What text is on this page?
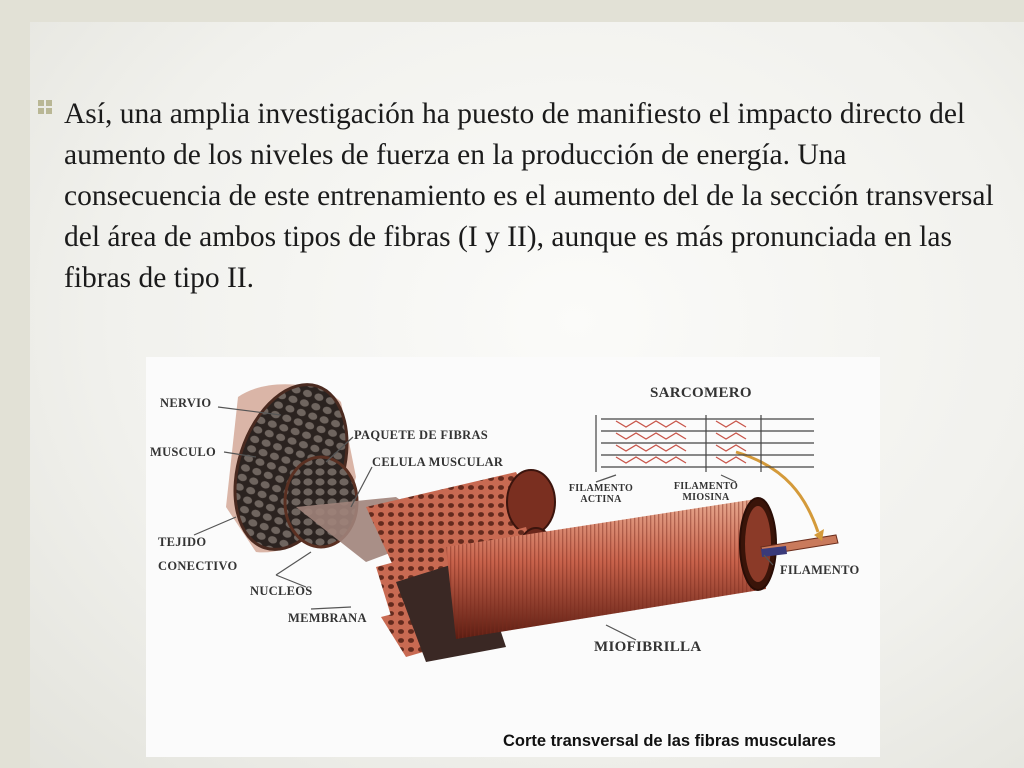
Así, una amplia investigación ha puesto de manifiesto el impacto directo del aumento de los niveles de fuerza en la producción de energía. Una consecuencia de este entrenamiento es el aumento del de la sección transversal del área de ambos tipos de fibras (I y II), aunque es más pronunciada en las fibras de tipo II.
NERVIO
MUSCULO
TEJIDO
CONECTIVO
NUCLEOS
MEMBRANA
PAQUETE DE FIBRAS
CELULA MUSCULAR
SARCOMERO
FILAMENTO
ACTINA
FILAMENTO
MIOSINA
FILAMENTO
MIOFIBRILLA
Corte transversal de las fibras musculares
